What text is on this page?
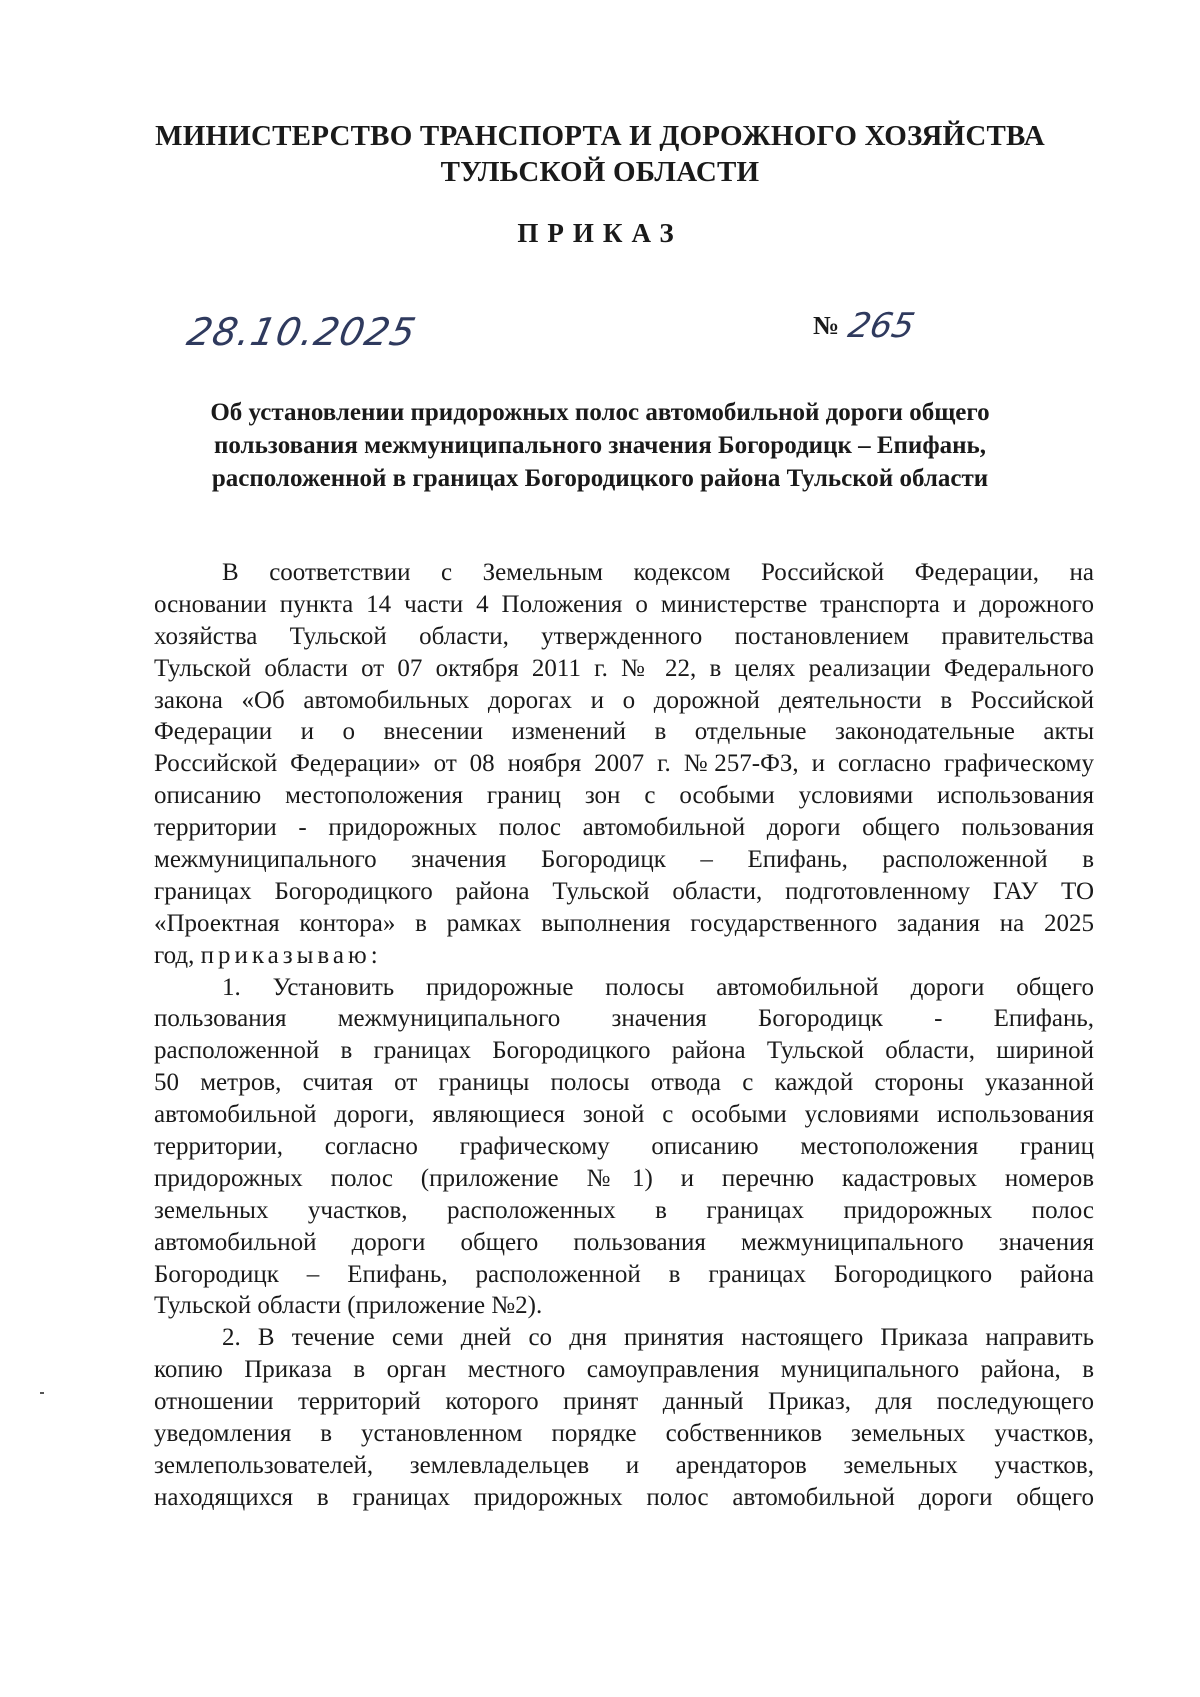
МИНИСТЕРСТВО ТРАНСПОРТА И ДОРОЖНОГО ХОЗЯЙСТВА
ТУЛЬСКОЙ ОБЛАСТИ
ПРИКАЗ
28.10.2025	№ 265
Об установлении придорожных полос автомобильной дороги общего
пользования межмуниципального значения Богородицк – Епифань,
расположенной в границах Богородицкого района Тульской области
В соответствии с Земельным кодексом Российской Федерации, на
основании пункта 14 части 4 Положения о министерстве транспорта и дорожного
хозяйства Тульской области, утвержденного постановлением правительства
Тульской области от 07 октября 2011 г. № 22, в целях реализации Федерального
закона «Об автомобильных дорогах и о дорожной деятельности в Российской
Федерации и о внесении изменений в отдельные законодательные акты
Российской Федерации» от 08 ноября 2007 г. №257-ФЗ, и согласно графическому
описанию местоположения границ зон с особыми условиями использования
территории - придорожных полос автомобильной дороги общего пользования
межмуниципального значения Богородицк – Епифань, расположенной в
границах Богородицкого района Тульской области, подготовленному ГАУ ТО
«Проектная контора» в рамках выполнения государственного задания на 2025
год, приказываю:
1. Установить придорожные полосы автомобильной дороги общего
пользования межмуниципального значения Богородицк - Епифань,
расположенной в границах Богородицкого района Тульской области, шириной
50 метров, считая от границы полосы отвода с каждой стороны указанной
автомобильной дороги, являющиеся зоной с особыми условиями использования
территории, согласно графическому описанию местоположения границ
придорожных полос (приложение №1) и перечню кадастровых номеров
земельных участков, расположенных в границах придорожных полос
автомобильной дороги общего пользования межмуниципального значения
Богородицк – Епифань, расположенной в границах Богородицкого района
Тульской области (приложение №2).
2. В течение семи дней со дня принятия настоящего Приказа направить
копию Приказа в орган местного самоуправления муниципального района, в
отношении территорий которого принят данный Приказ, для последующего
уведомления в установленном порядке собственников земельных участков,
землепользователей, землевладельцев и арендаторов земельных участков,
находящихся в границах придорожных полос автомобильной дороги общего
